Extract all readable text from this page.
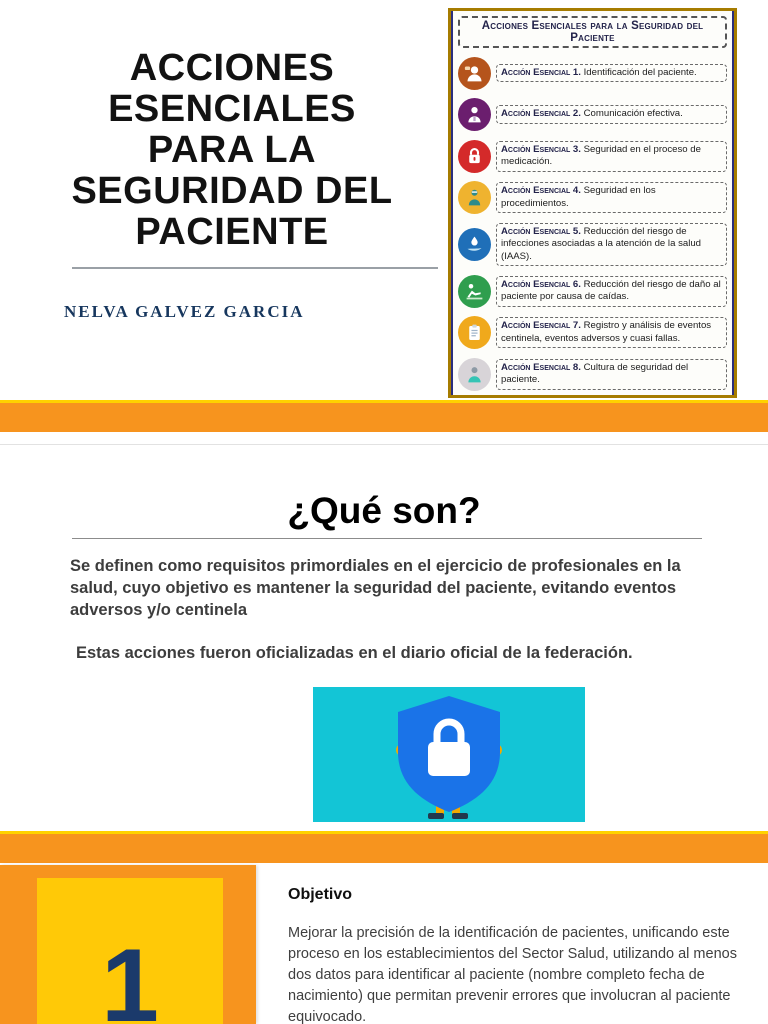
ACCIONES
ESENCIALES
PARA LA
SEGURIDAD DEL
PACIENTE
NELVA GALVEZ GARCIA
Acciones Esenciales para la Seguridad del Paciente
Acción Esencial 1. Identificación del paciente.
Acción Esencial 2. Comunicación efectiva.
Acción Esencial 3. Seguridad en el proceso de medicación.
Acción Esencial 4. Seguridad en los procedimientos.
Acción Esencial 5. Reducción del riesgo de infecciones asociadas a la atención de la salud (IAAS).
Acción Esencial 6. Reducción del riesgo de daño al paciente por causa de caídas.
Acción Esencial 7. Registro y análisis de eventos centinela, eventos adversos y cuasi fallas.
Acción Esencial 8. Cultura de seguridad del paciente.
¿Qué son?
Se definen como requisitos primordiales en el ejercicio de profesionales en la salud, cuyo objetivo es mantener la seguridad del paciente, evitando eventos adversos y/o centinela
Estas acciones fueron oficializadas en el diario oficial de la federación.
1
Objetivo
Mejorar la precisión de la identificación de pacientes, unificando este proceso en los establecimientos del Sector Salud, utilizando al menos dos datos para identificar al paciente (nombre completo fecha de nacimiento) que permitan prevenir errores que involucran al paciente equivocado.
